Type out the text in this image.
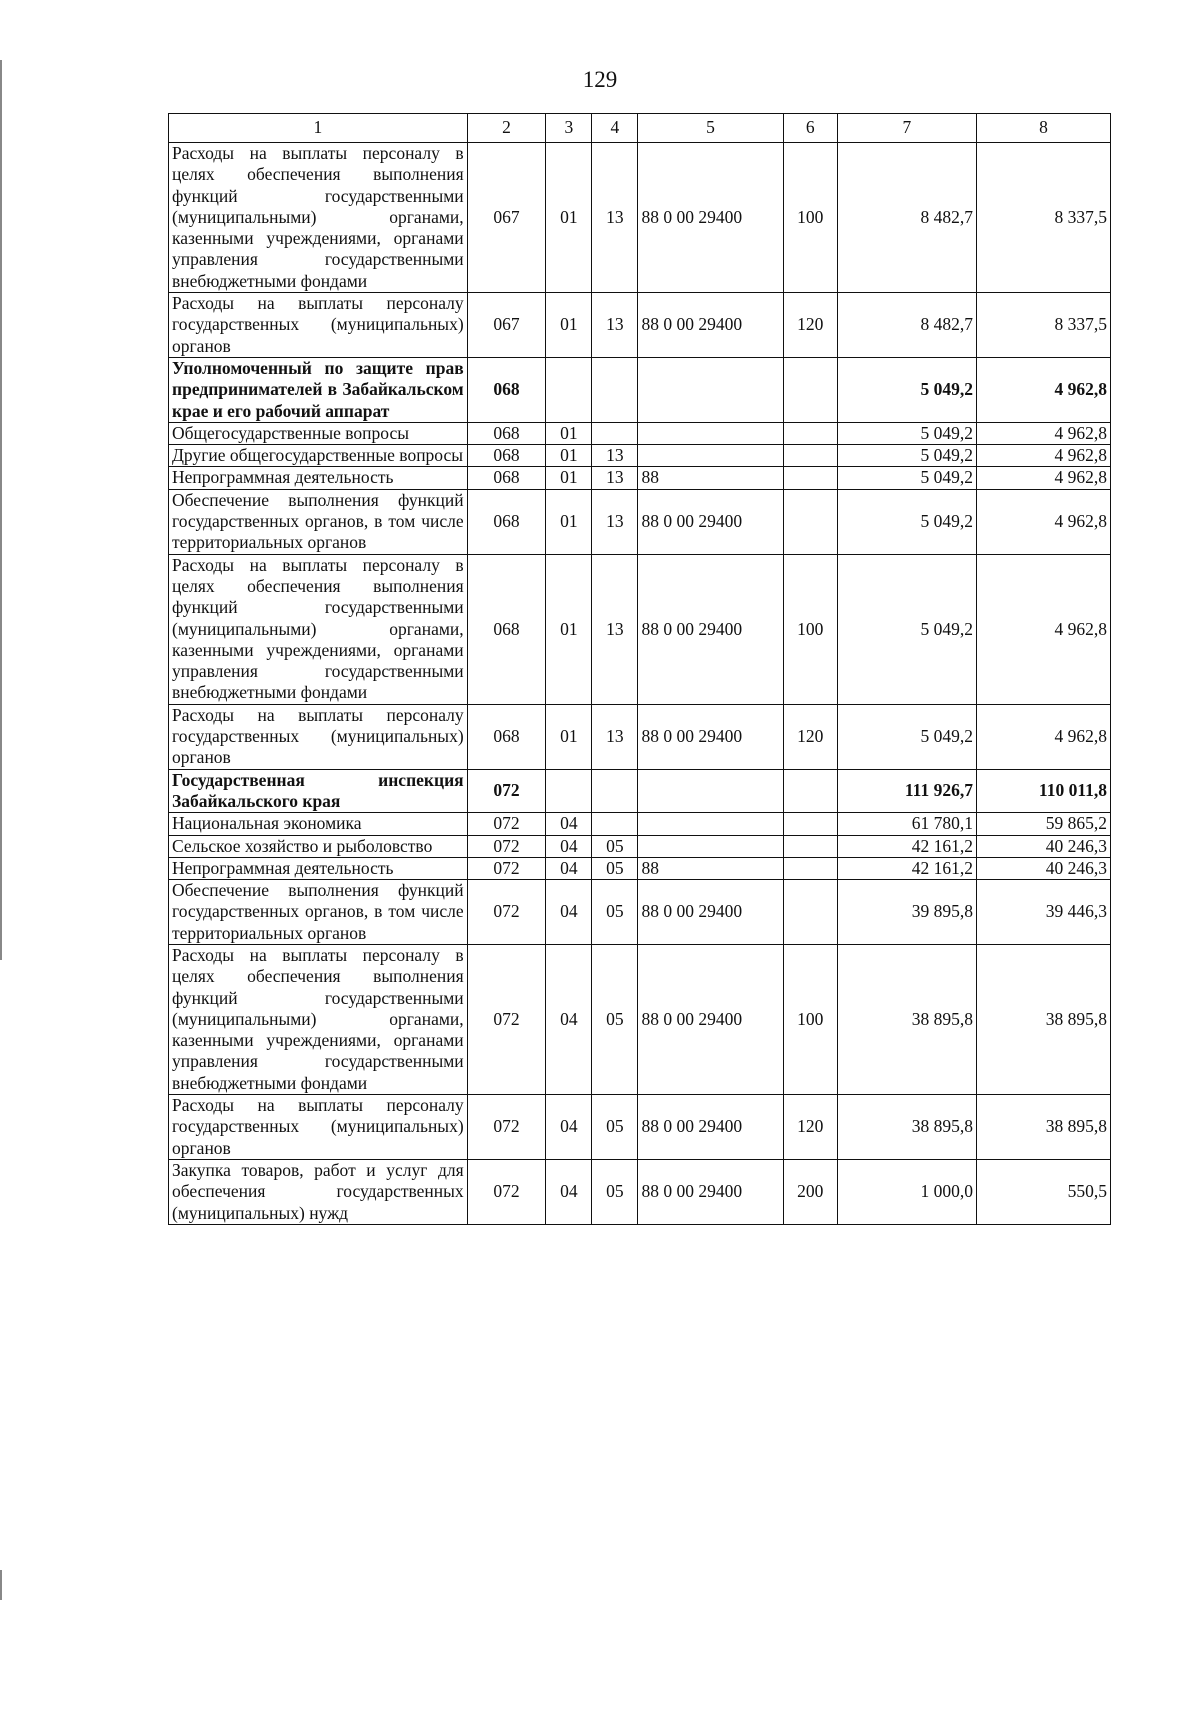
129
1	2	3	4	5	6	7	8
Расходы на выплаты персоналу в целях обеспечения выполнения функций государственными (муниципальными) органами, казенными учреждениями, органами управления государственными внебюджетными фондами	067	01	13	88 0 00 29400	100	8 482,7	8 337,5
Расходы на выплаты персоналу государственных (муниципальных) органов	067	01	13	88 0 00 29400	120	8 482,7	8 337,5
Уполномоченный по защите прав предпринимателей в Забайкальском крае и его рабочий аппарат	068					5 049,2	4 962,8
Общегосударственные вопросы	068	01				5 049,2	4 962,8
Другие общегосударственные вопросы	068	01	13			5 049,2	4 962,8
Непрограммная деятельность	068	01	13	88		5 049,2	4 962,8
Обеспечение выполнения функций государственных органов, в том числе территориальных органов	068	01	13	88 0 00 29400		5 049,2	4 962,8
Расходы на выплаты персоналу в целях обеспечения выполнения функций государственными (муниципальными) органами, казенными учреждениями, органами управления государственными внебюджетными фондами	068	01	13	88 0 00 29400	100	5 049,2	4 962,8
Расходы на выплаты персоналу государственных (муниципальных) органов	068	01	13	88 0 00 29400	120	5 049,2	4 962,8
Государственная инспекция Забайкальского края	072					111 926,7	110 011,8
Национальная экономика	072	04				61 780,1	59 865,2
Сельское хозяйство и рыболовство	072	04	05			42 161,2	40 246,3
Непрограммная деятельность	072	04	05	88		42 161,2	40 246,3
Обеспечение выполнения функций государственных органов, в том числе территориальных органов	072	04	05	88 0 00 29400		39 895,8	39 446,3
Расходы на выплаты персоналу в целях обеспечения выполнения функций государственными (муниципальными) органами, казенными учреждениями, органами управления государственными внебюджетными фондами	072	04	05	88 0 00 29400	100	38 895,8	38 895,8
Расходы на выплаты персоналу государственных (муниципальных) органов	072	04	05	88 0 00 29400	120	38 895,8	38 895,8
Закупка товаров, работ и услуг для обеспечения государственных (муниципальных) нужд	072	04	05	88 0 00 29400	200	1 000,0	550,5
